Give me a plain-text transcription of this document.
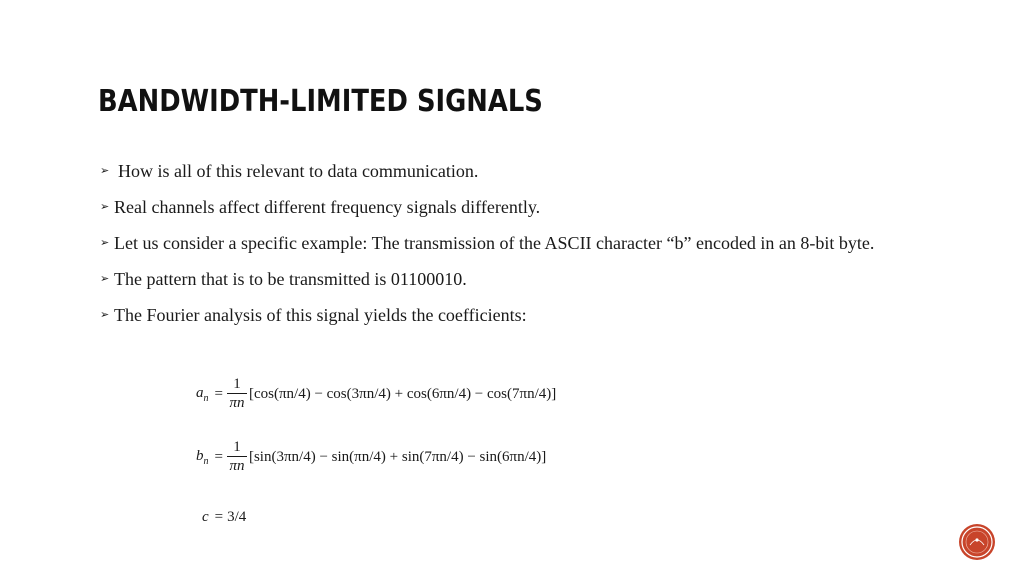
BANDWIDTH-LIMITED SIGNALS
➢ How is all of this relevant to data communication.
➢ Real channels affect different frequency signals differently.
➢ Let us consider a specific example: The transmission of the ASCII character “b” encoded in an 8-bit byte.
➢ The pattern that is to be transmitted is 01100010.
➢ The Fourier analysis of this signal yields the coefficients:
$a_n = \frac{1}{\pi n} [\cos(\pi n/4) - \cos(3\pi n/4) + \cos(6\pi n/4) - \cos(7\pi n/4)]$
$b_n = \frac{1}{\pi n} [\sin(3\pi n/4) - \sin(\pi n/4) + \sin(7\pi n/4) - \sin(6\pi n/4)]$
c = 3/4
